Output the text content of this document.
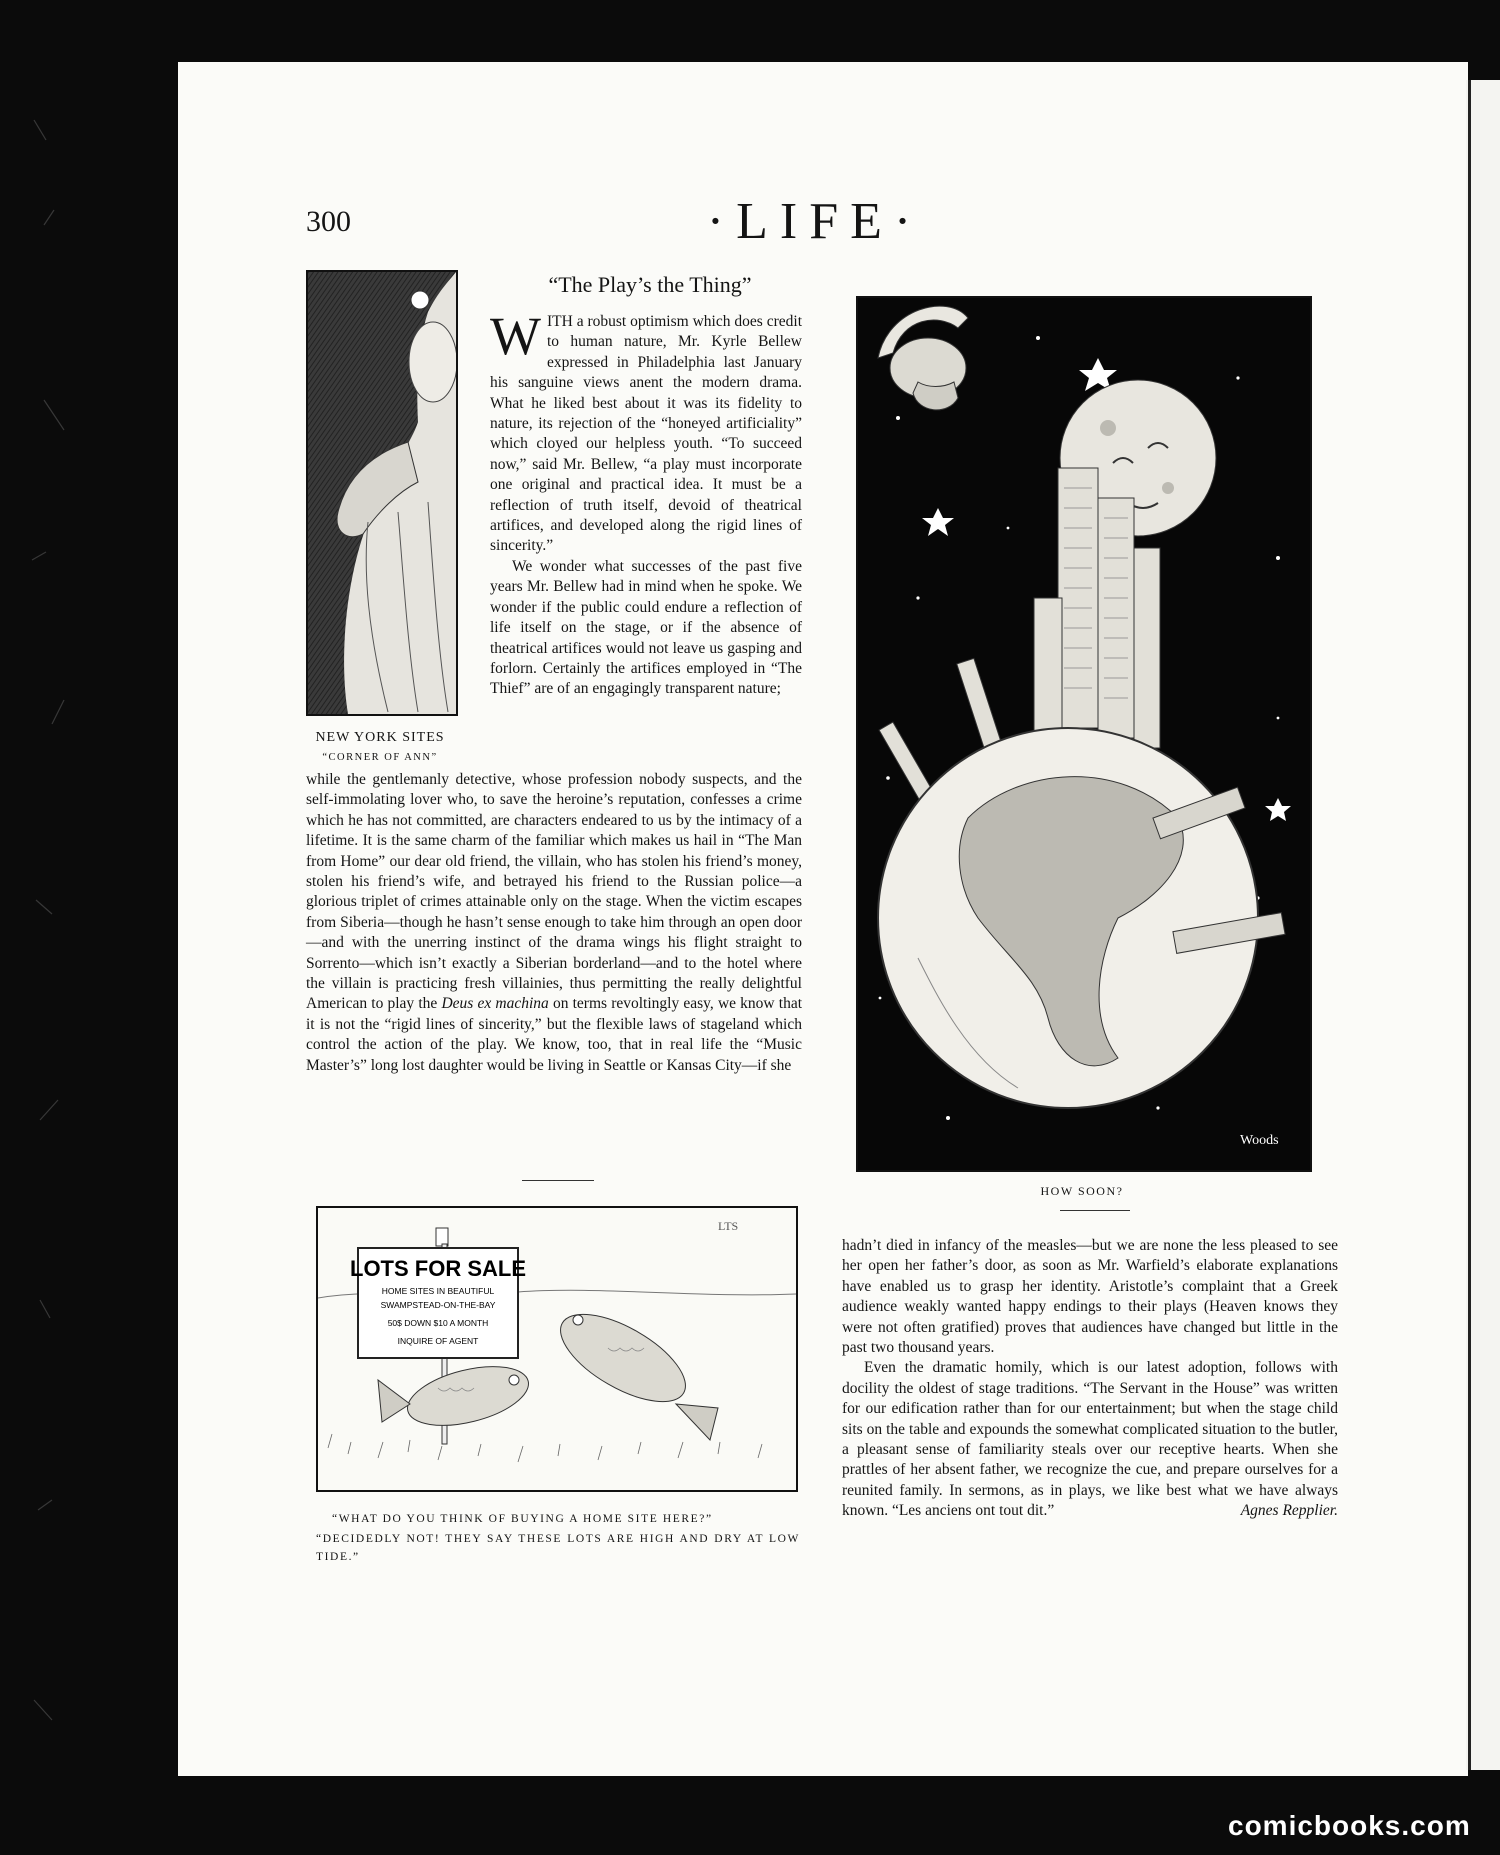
300	·LIFE·
NEW YORK SITES
“CORNER OF ANN”
“The Play’s the Thing”

WITH a robust optimism which does credit to human nature, Mr. Kyrle Bellew expressed in Philadelphia last January his sanguine views anent the modern drama. What he liked best about it was its fidelity to nature, its rejection of the “honeyed artificiality” which cloyed our helpless youth. “To succeed now,” said Mr. Bellew, “a play must incorporate one original and practical idea. It must be a reflection of truth itself, devoid of theatrical artifices, and developed along the rigid lines of sincerity.”

We wonder what successes of the past five years Mr. Bellew had in mind when he spoke. We wonder if the public could endure a reflection of life itself on the stage, or if the absence of theatrical artifices would not leave us gasping and forlorn. Certainly the artifices employed in “The Thief” are of an engagingly transparent nature;

while the gentlemanly detective, whose profession nobody suspects, and the self-immolating lover who, to save the heroine’s reputation, confesses a crime which he has not committed, are characters endeared to us by the intimacy of a lifetime. It is the same charm of the familiar which makes us hail in “The Man from Home” our dear old friend, the villain, who has stolen his friend’s money, stolen his friend’s wife, and betrayed his friend to the Russian police—a glorious triplet of crimes attainable only on the stage. When the victim escapes from Siberia—though he hasn’t sense enough to take him through an open door—and with the unerring instinct of the drama wings his flight straight to Sorrento—which isn’t exactly a Siberian borderland—and to the hotel where the villain is practicing fresh villainies, thus permitting the really delightful American to play the Deus ex machina on terms revoltingly easy, we know that it is not the “rigid lines of sincerity,” but the flexible laws of stageland which control the action of the play. We know, too, that in real life the “Music Master’s” long lost daughter would be living in Seattle or Kansas City—if she

Woods
HOW SOON?
LOTS FOR SALE
HOME SITES IN BEAUTIFUL
SWAMPSTEAD-ON-THE-BAY
50$ DOWN $10 A MONTH
INQUIRE OF AGENT
LTS
“WHAT DO YOU THINK OF BUYING A HOME SITE HERE?”
“DECIDEDLY NOT! THEY SAY THESE LOTS ARE HIGH AND DRY AT LOW TIDE.”

hadn’t died in infancy of the measles—but we are none the less pleased to see her open her father’s door, as soon as Mr. Warfield’s elaborate explanations have enabled us to grasp her identity. Aristotle’s complaint that a Greek audience weakly wanted happy endings to their plays (Heaven knows they were not often gratified) proves that audiences have changed but little in the past two thousand years.

Even the dramatic homily, which is our latest adoption, follows with docility the oldest of stage traditions. “The Servant in the House” was written for our edification rather than for our entertainment; but when the stage child sits on the table and expounds the somewhat complicated situation to the butler, a pleasant sense of familiarity steals over our receptive hearts. When she prattles of her absent father, we recognize the cue, and prepare ourselves for a reunited family. In sermons, as in plays, we like best what we have always known. “Les anciens ont tout dit.”	Agnes Repplier.

comicbooks.com
